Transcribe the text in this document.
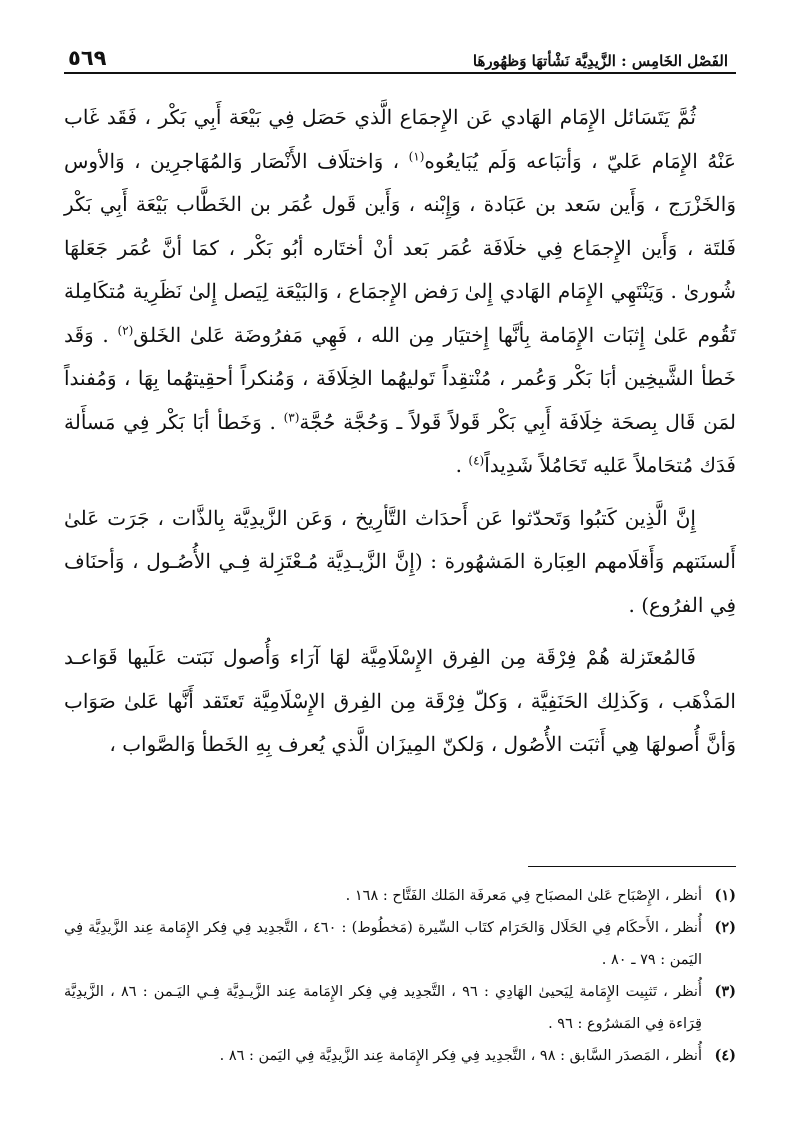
٥٦٩	الفَصْل الخَامِس : الزَّيدِيَّة نَشْأتهَا وَظهُورهَا

ثُمَّ يَتَسَائل الإِمَام الهَادي عَن الإِجمَاع الَّذي حَصَل فِي بَيْعَة أَبِي بَكْر ، فَقَد غَاب عَنْهُ الإِمَام عَليّ ، وَأتبَاعه وَلَم يُبَايعُوه$^{(١)}$ ، وَاختلَاف الأَنْصَار وَالمُهَاجرِين ، وَالأوس وَالخَزْرَج ، وَأَين سَعد بن عَبَادة ، وَإِبْنه ، وَأَين قَول عُمَر بن الخَطَّاب بَيْعَة أَبِي بَكْر فَلتَة ، وَأَين الإِجمَاع فِي خلَافَة عُمَر بَعد أنْ أختَاره أبُو بَكْر ، كمَا أنَّ عُمَر جَعَلهَا شُورىٰ . وَيَنْتَهِي الإِمَام الهَادي إِلىٰ رَفض الإِجمَاع ، وَالبَيْعَة لِيَصل إِلىٰ نَظَرِية مُتكَامِلة تَقُوم عَلىٰ إِثبَات الإِمَامة بِأنَّها إِختيَار مِن الله ، فَهِي مَفرُوضَة عَلىٰ الخَلق$^{(٢)}$ . وَقَد خَطأ الشَّيخِين أبَا بَكْر وَعُمر ، مُنْتقِداً تَوليهُما الخِلَافَة ، وَمُنكراً أحقِيتهُما بِهَا ، وَمُفنداً لمَن قَال بِصحَة خِلَافَة أَبِي بَكْر قَولاً قَولاً ـ وَحُجَّة حُجَّة$^{(٣)}$ . وَخَطأ أبَا بَكْر فِي مَسأَلة فَدَك مُتحَاملاً عَليه تَحَامُلاً شَدِيداً$^{(٤)}$ .

إِنَّ الَّذِين كَتبُوا وَتَحدّثوا عَن أَحدَاث التَّأرِيخ ، وَعَن الزَّيدِيَّة بِالذَّات ، جَرَت عَلىٰ أَلسنَتهم وَأَقلَامهم العِبَارة المَشهُورة : (إِنَّ الزَّيـدِيَّة مُـعْتَزِلة فِـي الأُصُـول ، وَأحنَاف فِي الفرُوع) .

فَالمُعتَزلة هُمْ فِرْقَة مِن الفِرق الإِسْلَامِيَّة لهَا آرَاء وَأُصول نَبَتت عَلَيها قَوَاعـد المَذْهَب ، وَكَذلِك الحَنَفِيَّة ، وَكلّ فِرْقَة مِن الفِرق الإِسْلَامِيَّة تَعتَقد أَنَّها عَلىٰ صَوَاب وَأنَّ أُصولهَا هِي أَثبَت الأُصُول ، وَلكنّ المِيزَان الَّذي يُعرف بِهِ الخَطأ وَالصَّواب ،

(١)
أنظر ، الإِصْبَاح عَلىٰ المصبَاح فِي مَعرفَة المَلك الفَتَّاح : ١٦٨ .
(٢)
أُنظر ، الأَحكَام فِي الحَلَال وَالحَرَام كتَاب السِّيرة (مَخطُوط) : ٤٦٠ ، التَّجدِيد فِي فِكر الإِمَامة عِند الزَّيدِيَّة فِي اليَمن : ٧٩ ـ ٨٠ .
(٣)
أُنظر ، تَثبِيت الإِمَامة لِيَحيىٰ الهَادِي : ٩٦ ، التَّجدِيد فِي فِكر الإِمَامة عِند الزَّيـدِيَّة فِـي اليَـمن : ٨٦ ، الزَّيدِيَّة قِرَاءة فِي المَشرُوع : ٩٦ .
(٤)
أُنظر ، المَصدَر السَّابق : ٩٨ ، التَّجدِيد فِي فِكر الإِمَامة عِند الزَّيدِيَّة فِي اليَمن : ٨٦ .
